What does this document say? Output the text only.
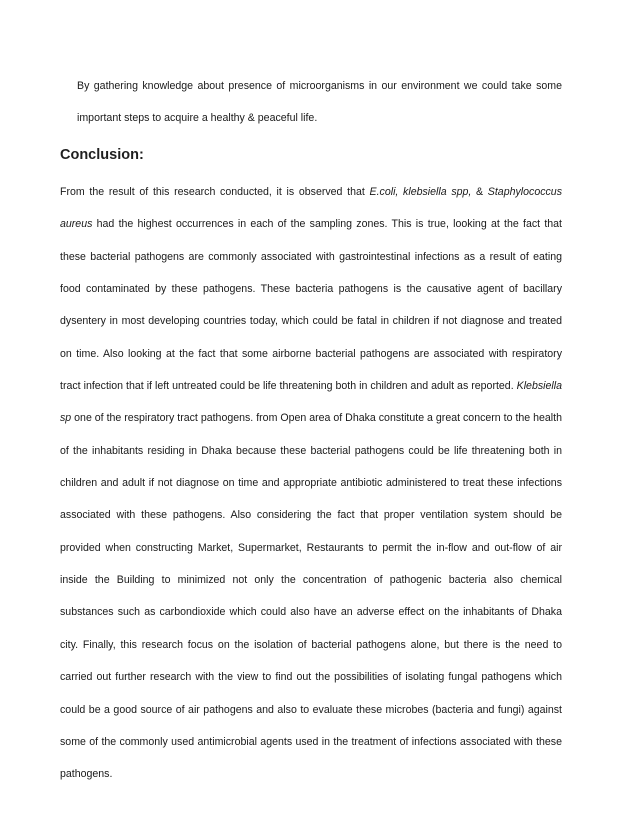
By gathering knowledge about presence of microorganisms in our environment we could take some important steps to acquire a healthy & peaceful life.

Conclusion:

From the result of this research conducted, it is observed that E.coli, klebsiella spp, & Staphylococcus aureus had the highest occurrences in each of the sampling zones. This is true, looking at the fact that these bacterial pathogens are commonly associated with gastrointestinal infections as a result of eating food contaminated by these pathogens. These bacteria pathogens is the causative agent of bacillary dysentery in most developing countries today, which could be fatal in children if not diagnose and treated on time. Also looking at the fact that some airborne bacterial pathogens are associated with respiratory tract infection that if left untreated could be life threatening both in children and adult as reported. Klebsiella sp one of the respiratory tract pathogens. from Open area of Dhaka constitute a great concern to the health of the inhabitants residing in Dhaka because these bacterial pathogens could be life threatening both in children and adult if not diagnose on time and appropriate antibiotic administered to treat these infections associated with these pathogens. Also considering the fact that proper ventilation system should be provided when constructing Market, Supermarket, Restaurants to permit the in-flow and out-flow of air inside the Building to minimized not only the concentration of pathogenic bacteria also chemical substances such as carbondioxide which could also have an adverse effect on the inhabitants of Dhaka city. Finally, this research focus on the isolation of bacterial pathogens alone, but there is the need to carried out further research with the view to find out the possibilities of isolating fungal pathogens which could be a good source of air pathogens and also to evaluate these microbes (bacteria and fungi) against some of the commonly used antimicrobial agents used in the treatment of infections associated with these pathogens.
